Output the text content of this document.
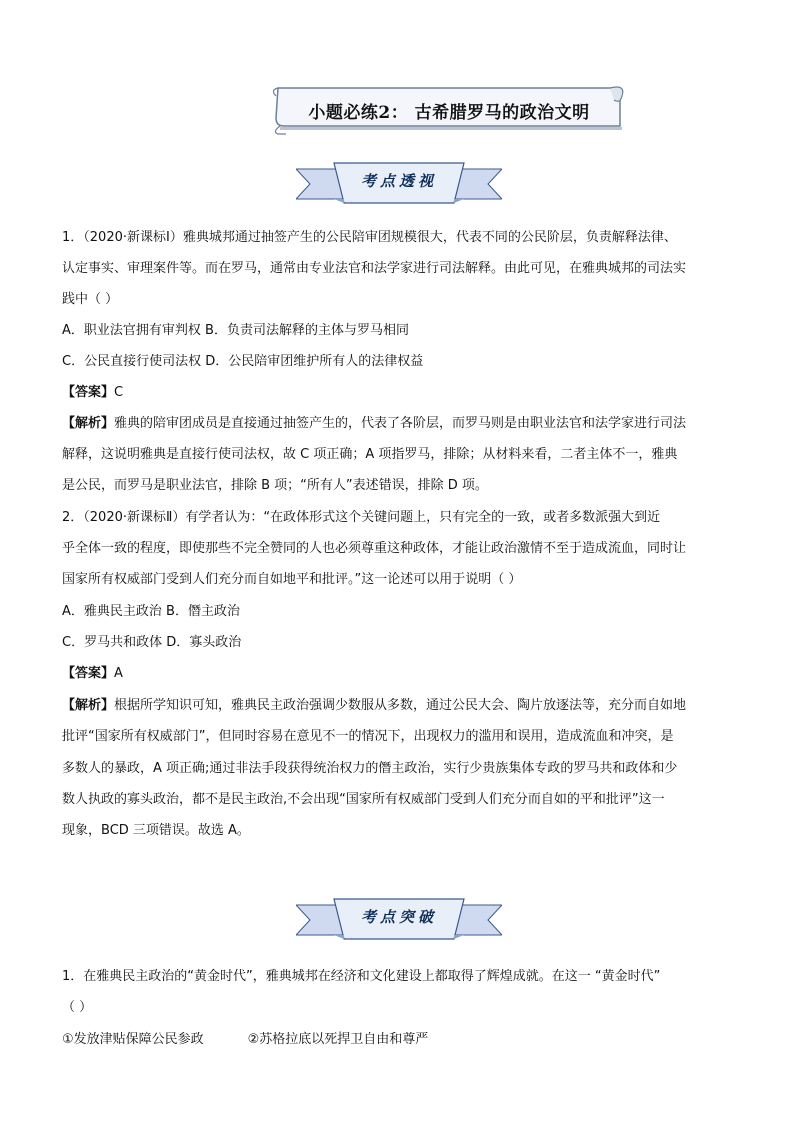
小题必练2： 古希腊罗马的政治文明
考点透视
1．（2020·新课标Ⅰ）雅典城邦通过抽签产生的公民陪审团规模很大，代表不同的公民阶层，负责解释法律、
认定事实、审理案件等。而在罗马，通常由专业法官和法学家进行司法解释。由此可见，在雅典城邦的司法实
践中（ ）
A．职业法官拥有审判权 B．负责司法解释的主体与罗马相同
C．公民直接行使司法权 D．公民陪审团维护所有人的法律权益
【答案】C
【解析】雅典的陪审团成员是直接通过抽签产生的，代表了各阶层，而罗马则是由职业法官和法学家进行司法
解释，这说明雅典是直接行使司法权，故 C 项正确；A 项指罗马，排除；从材料来看，二者主体不一，雅典
是公民，而罗马是职业法官，排除 B 项；“所有人”表述错误，排除 D 项。
2．（2020·新课标Ⅱ）有学者认为：“在政体形式这个关键问题上，只有完全的一致，或者多数派强大到近
乎全体一致的程度，即使那些不完全赞同的人也必须尊重这种政体，才能让政治激情不至于造成流血，同时让
国家所有权威部门受到人们充分而自如地平和批评。”这一论述可以用于说明（ ）
A．雅典民主政治 B．僭主政治
C．罗马共和政体 D．寡头政治
【答案】A
【解析】根据所学知识可知，雅典民主政治强调少数服从多数，通过公民大会、陶片放逐法等，充分而自如地
批评“国家所有权威部门”，但同时容易在意见不一的情况下，出现权力的滥用和误用，造成流血和冲突，是
多数人的暴政，A 项正确;通过非法手段获得统治权力的僭主政治，实行少贵族集体专政的罗马共和政体和少
数人执政的寡头政治，都不是民主政治,不会出现“国家所有权威部门受到人们充分而自如的平和批评”这一
现象，BCD 三项错误。故选 A。
考点突破
1．在雅典民主政治的“黄金时代”，雅典城邦在经济和文化建设上都取得了辉煌成就。在这一 “黄金时代”
（ ）
①发放津贴保障公民参政	②苏格拉底以死捍卫自由和尊严
